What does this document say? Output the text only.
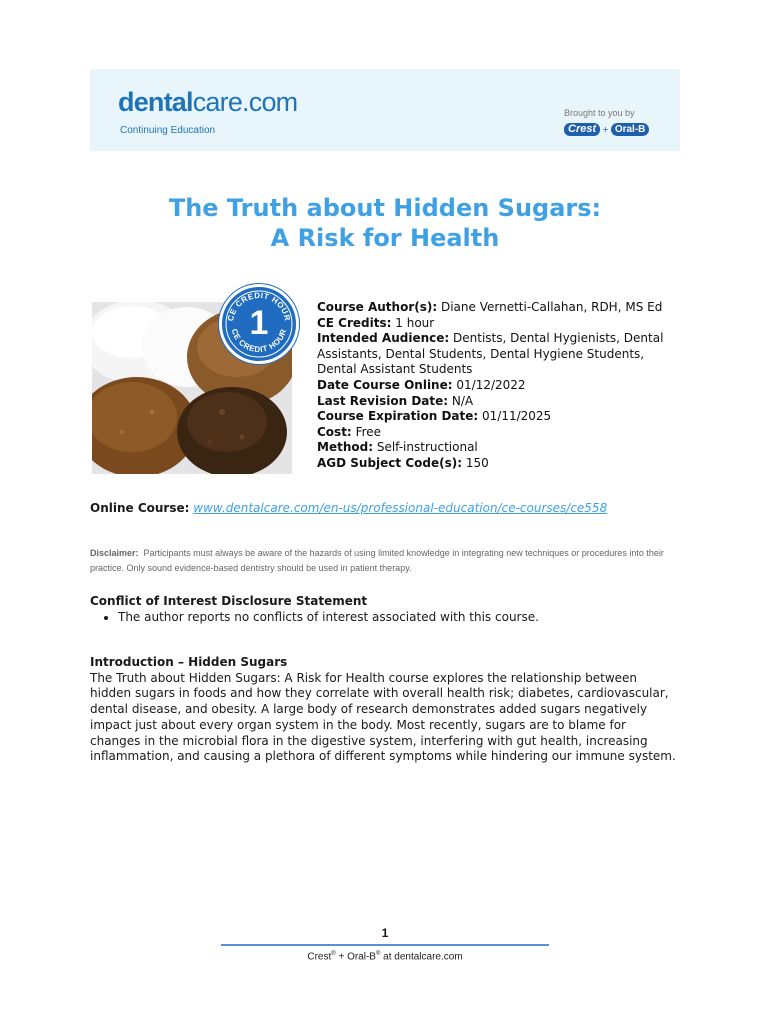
dentalcare.com
Continuing Education
Brought to you by
Crest + Oral-B
The Truth about Hidden Sugars:
A Risk for Health
CE CREDIT HOUR
CE CREDIT HOUR
1	Course Author(s): Diane Vernetti-Callahan, RDH, MS Ed
CE Credits: 1 hour
Intended Audience: Dentists, Dental Hygienists, Dental Assistants, Dental Students, Dental Hygiene Students, Dental Assistant Students
Date Course Online: 01/12/2022
Last Revision Date: N/A
Course Expiration Date: 01/11/2025
Cost: Free
Method: Self-instructional
AGD Subject Code(s): 150
Online Course: www.dentalcare.com/en-us/professional-education/ce-courses/ce558
Disclaimer: Participants must always be aware of the hazards of using limited knowledge in integrating new techniques or procedures into their practice. Only sound evidence-based dentistry should be used in patient therapy.
Conflict of Interest Disclosure Statement
• The author reports no conflicts of interest associated with this course.
Introduction – Hidden Sugars
The Truth about Hidden Sugars: A Risk for Health course explores the relationship between hidden sugars in foods and how they correlate with overall health risk; diabetes, cardiovascular, dental disease, and obesity. A large body of research demonstrates added sugars negatively impact just about every organ system in the body. Most recently, sugars are to blame for changes in the microbial flora in the digestive system, interfering with gut health, increasing inflammation, and causing a plethora of different symptoms while hindering our immune system.
1
Crest® + Oral-B® at dentalcare.com
